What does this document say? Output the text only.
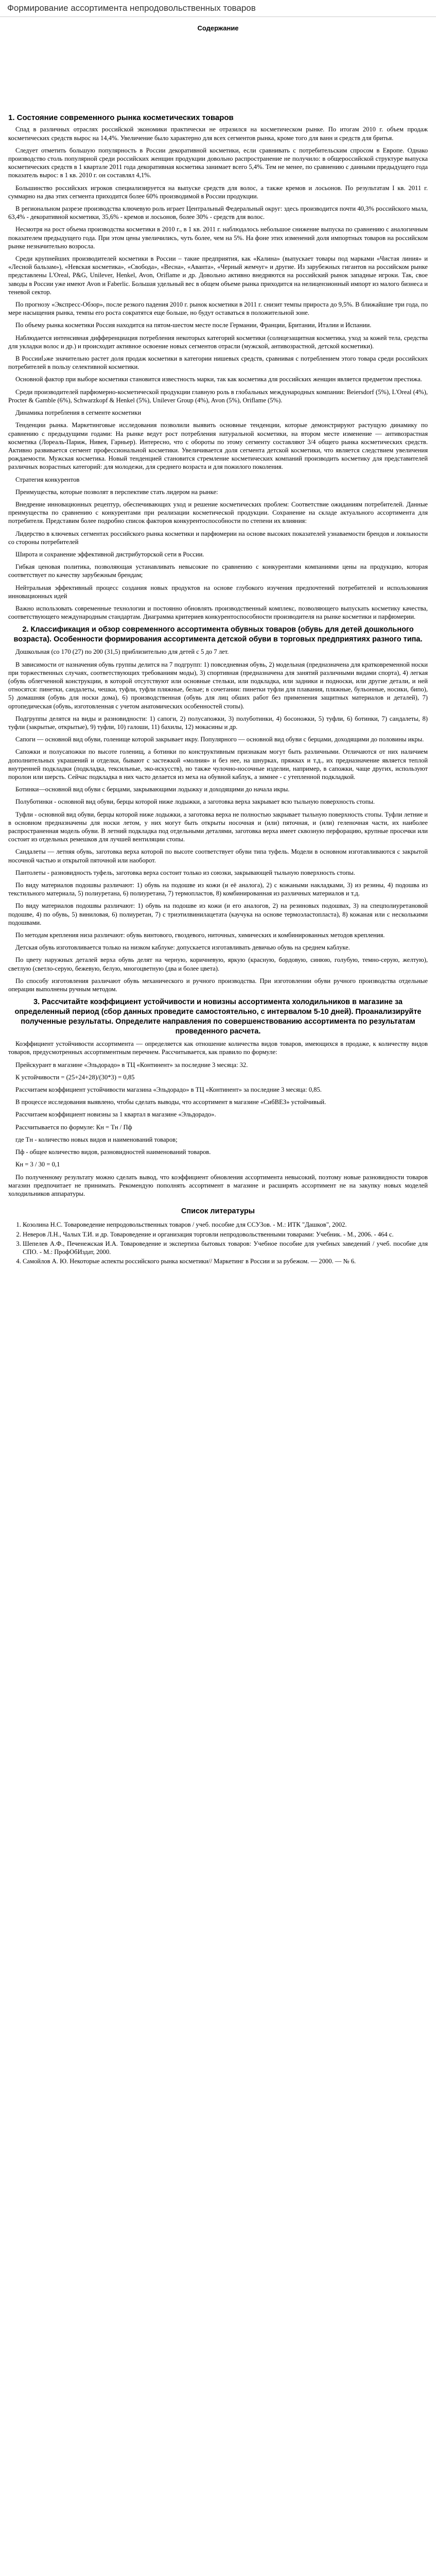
Формирование ассортимента непродовольственных товаров
Содержание
1. Состояние современного рынка косметических товаров

Спад в различных отраслях российской экономики практически не отразился на косметическом рынке. По итогам 2010 г. объем продаж косметических средств вырос на 14,4%. Увеличение было характерно для всех сегментов рынка, кроме того для ванн и средств для бритья.

Следует отметить большую популярность в России декоративной косметики, если сравнивать с потребительским спросом в Европе. Однако производство столь популярной среди российских женщин продукции довольно распространение не получило: в общероссийской структуре выпуска косметических средств в 1 квартале 2011 года декоративная косметика занимает всего 5,4%. Тем не менее, по сравнению с данными предыдущего года показатель вырос: в 1 кв. 2010 г. он составлял 4,1%.

Большинство российских игроков специализируется на выпуске средств для волос, а также кремов и лосьонов. По результатам I кв. 2011 г. суммарно на два этих сегмента приходится более 60% производимой в России продукции.

В региональном разрезе производства ключевую роль играет Центральный Федеральный округ: здесь производится почти 40,3% российского мыла, 63,4% - декоративной косметики, 35,6% - кремов и лосьонов, более 30% - средств для волос.

Несмотря на рост объема производства косметики в 2010 г., в 1 кв. 2011 г. наблюдалось небольшое снижение выпуска по сравнению с аналогичным показателем предыдущего года. При этом цены увеличились, чуть более, чем на 5%. На фоне этих изменений доля импортных товаров на российском рынке незначительно возросла.

Среди крупнейших производителей косметики в России – такие предприятия, как «Калина» (выпускает товары под марками «Чистая линия» и «Лесной бальзам»), «Невская косметика», «Свобода», «Весна», «Аванта», «Черный жемчуг» и другие. Из зарубежных гигантов на российском рынке представлены L'Oreal, P&G, Unilever, Henkel, Avon, Oriflame и др. Довольно активно внедряются на российский рынок западные игроки. Так, свое заводы в России уже имеют Avon и Faberlic. Большая удельный вес в общем объеме рынка приходится на нелицензионный импорт из малого бизнеса и теневой сектор.

По прогнозу «Экспресс-Обзор», после резкого падения 2010 г. рынок косметики в 2011 г. снизит темпы прироста до 9,5%. В ближайшие три года, по мере насыщения рынка, темпы его роста сократятся еще больше, но будут оставаться в положительной зоне.

По объему рынка косметики Россия находится на пятом-шестом месте после Германии, Франции, Британии, Италии и Испании.

Наблюдается интенсивная дифференциация потребления некоторых категорий косметики (солнцезащитная косметика, уход за кожей тела, средства для укладки волос и др.) и происходит активное освоение новых сегментов отрасли (мужской, антивозрастной, детской косметики).

В Россииداже значительно растет доля продаж косметики в категории нишевых средств, сравнивая с потреблением этого товара среди российских потребителей в пользу селективной косметики.

Основной фактор при выборе косметики становится известность марки, так как косметика для российских женщин является предметом престижа.

Среди производителей парфюмерно-косметической продукции главную роль в глобальных международных компании: Beiersdorf (5%), L'Oreal (4%), Procter & Gamble (6%), Schwarzkopf & Henkel (5%), Unilever Group (4%), Avon (5%), Oriflame (5%).

Динамика потребления в сегменте косметики

Тенденции рынка. Маркетинговые исследования позволили выявить основные тенденции, которые демонстрируют растущую динамику по сравнению с предыдущими годами: На рынке ведут рост потребления натуральной косметики, на втором месте изменение — антивозрастная косметика (Лореаль-Париж, Нивея, Гарньер). Интересно, что с обороты по этому сегменту составляют 3/4 общего рынка косметических средств. Активно развивается сегмент профессиональной косметики. Увеличивается доля сегмента детской косметики, что является следствием увеличения рождаемости. Мужская косметика. Новый тенденцией становится стремление косметических компаний производить косметику для представителей различных возрастных категорий: для молодежи, для среднего возраста и для пожилого поколения.

Стратегия конкурентов

Преимущества, которые позволят в перспективе стать лидером на рынке:

Внедрение инновационных рецептур, обеспечивающих уход и решение косметических проблем: Соответствие ожиданиям потребителей. Данные преимущества по сравнению с конкурентами при реализации косметической продукции. Сохранение на складе актуального ассортимента для потребителя. Представим более подробно список факторов конкурентоспособности по степени их влияния:

Лидерство в ключевых сегментах российского рынка косметики и парфюмерии на основе высоких показателей узнаваемости брендов и лояльности со стороны потребителей

Широта и сохранение эффективной дистрибуторской сети в России.

Гибкая ценовая политика, позволяющая устанавливать невысокие по сравнению с конкурентами компаниями цены на продукцию, которая соответствует по качеству зарубежным брендам;

Нейтральная эффективный процесс создания новых продуктов на основе глубокого изучения предпочтений потребителей и использования инновационных идей

Важно использовать современные технологии и постоянно обновлять производственный комплекс, позволяющего выпускать косметику качества, соответствующего международным стандартам. Диаграмма критериев конкурентоспособности производителя на рынке косметики и парфюмерии.

2. Классификация и обзор современного ассортимента обувных товаров (обувь для детей дошкольного возраста). Особенности формирования ассортимента детской обуви в торговых предприятиях разного типа.

Дошкольная (со 170 (27) по 200 (31,5) приблизительно для детей с 5 до 7 лет.

В зависимости от назначения обувь группы делится на 7 подгрупп: 1) повседневная обувь, 2) модельная (предназначена для кратковременной носки при торжественных случаях, соответствующих требованиям моды), 3) спортивная (предназначена для занятий различными видами спорта), 4) легкая (обувь облегченной конструкции, в которой отсутствуют или основные стельки, или подкладка, или задники и подноски, или другие детали, и ней относятся: пинетки, сандалеты, чешки, туфли, туфли пляжные, белые; в сочетании: пинетки туфли для плавания, пляжные, бульонные, носики, бипо), 5) домашняя (обувь для носки дома), 6) производственная (обувь для лиц обших работ без применения защитных материалов и деталей), 7) ортопедическая (обувь, изготовленная с учетом анатомических особенностей стопы).

Подгруппы делятся на виды и разновидности: 1) сапоги, 2) полусапожки, 3) полуботинки, 4) босоножки, 5) туфли, 6) ботинки, 7) сандалеты, 8) туфли (закрытые, открытые), 9) туфли, 10) галоши, 11) бахилы, 12) мокасины и др.

Сапоги — основной вид обуви, голенище которой закрывает икру. Популярного — основной вид обуви с берцами, доходящими до половины икры.

Сапожки и полусапожки по высоте голенищ, а ботинки по конструктивным признакам могут быть различными. Отличаются от них наличием дополнительных украшений и отделки, бывают с застежкой «молния» и без нее, на шнурках, пряжках и т.д., их предназначение является теплой внутренней подкладки (подкладка, тексильные, эко-искусств), но также чулочно-носочные изделии, например, в сапожки, чаще других, используют поролон или шерсть. Сейчас подкладка в них часто делается из меха на обувной каблук, а зимнее - с утепленной подкладкой.

Ботинки—основной вид обуви с берцами, закрывающими лодыжку и доходящими до начала икры.

Полуботинки - основной вид обуви, берцы которой ниже лодыжки, а заготовка верха закрывает всю тыльную поверхность стопы.

Туфли - основной вид обуви, берцы которой ниже лодыжки, а заготовка верха не полностью закрывает тыльную поверхность стопы. Туфли летние и в основном предназначены для носки летом, у них могут быть открыты носочная и (или) пяточная, и (или) геленочная части, их наиболее распространенная модель обуви. В летний подкладка под отдельными деталями, заготовка верха имеет сквозную перфорацию, крупные просечки или состоит из отдельных ремешков для лучшей вентиляции стопы.

Сандалеты — летняя обувь, заготовка верха которой по высоте соответствует обуви типа туфель. Модели в основном изготавливаются с закрытой носочной частью и открытой пяточной или наоборот.

Пантолеты - разновидность туфель, заготовка верха состоит только из союзки, закрывающей тыльную поверхность стопы.

По виду материалов подошвы различают: 1) обувь на подошве из кожи (и её аналога), 2) с кожаными накладками, 3) из резины, 4) подошва из текстильного материала, 5) полиуретана, 6) полиуретана, 7) термопластов, 8) комбинированная из различных материалов и т.д.

По виду материалов подошвы различают: 1) обувь на подошве из кожи (и его аналогов, 2) на резиновых подошвах, 3) на спецполиуретановой подошве, 4) по обувь, 5) виниловая, 6) полиуретан, 7) с триэтилвинилацетата (каучука на основе термоэластопласта), 8) кожаная или с несколькими подошвами.

По методам крепления низа различают: обувь винтового, гвоздевого, ниточных, химических и комбинированных методов крепления.

Детская обувь изготовливается только на низком каблуке: допускается изготавливать девичью обувь на среднем каблуке.

По цвету наружных деталей верха обувь делят на черную, коричневую, яркую (красную, бордовую, синюю, голубую, темно-серую, желтую), светлую (светло-серую, бежевую, белую, многоцветную (два и более цвета).

По способу изготовления различают обувь механического и ручного производства. При изготовлении обуви ручного производства отдельные операции выполнены ручным методом.

3. Рассчитайте коэффициент устойчивости и новизны ассортимента холодильников в магазине за определенный период (сбор данных проведите самостоятельно, с интервалом 5-10 дней). Проанализируйте полученные результаты. Определите направления по совершенствованию ассортимента по результатам проведенного расчета.

Коэффициент устойчивости ассортимента — определяется как отношение количества видов товаров, имеющихся в продаже, к количеству видов товаров, предусмотренных ассортиментным перечнем. Рассчитывается, как правило по формуле:

Прейскурант в магазине «Эльдорадо» в ТЦ «Континент» за последние 3 месяца: 32.

К устойчивости = (25+24+28)/(30*3) = 0,85

Рассчитаем коэффициент устойчивости магазина «Эльдорадо» в ТЦ «Континент» за последние 3 месяца: 0,85.

В процессе исследования выявлено, чтобы сделать выводы, что ассортимент в магазине «СибВЕЗ» устойчивый.

Рассчитаем коэффициент новизны за 1 квартал в магазине «Эльдорадо».

Рассчитывается по формуле: Кн = Тн / Пф

где Тн - количество новых видов и наименований товаров;

Пф - общее количество видов, разновидностей наименований товаров.

Кн = 3 / 30 = 0,1

По полученному результату можно сделать вывод, что коэффициент обновления ассортимента невысокий, поэтому новые разновидности товаров магазин предпочитает не принимать. Рекомендую пополнять ассортимент в магазине и расширять ассортимент не на закупку новых моделей холодильников аппаратуры.

Список литературы
1. Козолина Н.С. Товароведение непродовольственных товаров / учеб. пособие для ССУЗов. - М.: ИТК "Дашков", 2002.
2. Неверов Л.Н., Чалых Т.И. и др. Товароведение и организация торговли непродовольственными товарами: Учебник. - М., 2006. - 464 с.
3. Шепелев А.Ф., Печенежская И.А. Товароведение и экспертиза бытовых товаров: Учебное пособие для учебных заведений / учеб. пособие для СПО. - М.: ПрофОбИздат, 2000.
4. Самойлов А. Ю. Некоторые аспекты российского рынка косметики// Маркетинг в России и за рубежом. — 2000. — № 6.
